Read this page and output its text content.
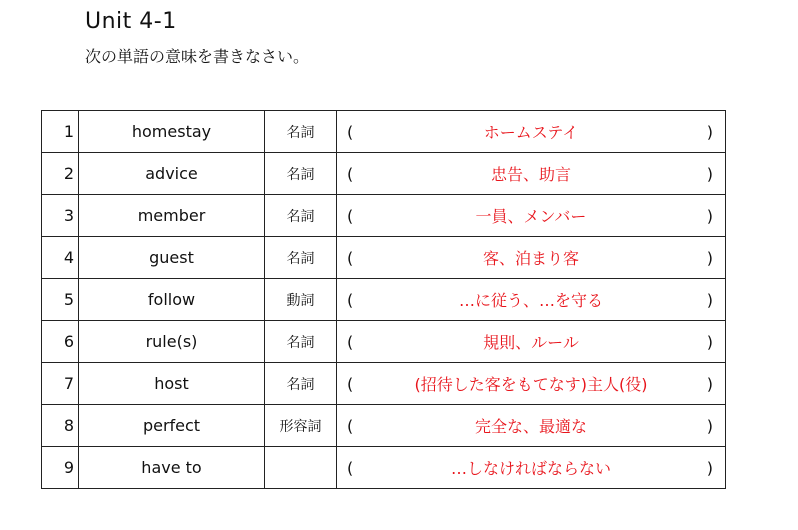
Unit 4-1
次の単語の意味を書きなさい。
1	homestay	名詞	( ホームステイ )

2	advice	名詞	( 忠告、助言 )

3	member	名詞	( 一員、メンバー )

4	guest	名詞	( 客、泊まり客 )

5	follow	動詞	( …に従う、…を守る )

6	rule(s)	名詞	( 規則、ルール )

7	host	名詞	( (招待した客をもてなす)主人(役) )

8	perfect	形容詞	( 完全な、最適な )

9	have to		( …しなければならない )
